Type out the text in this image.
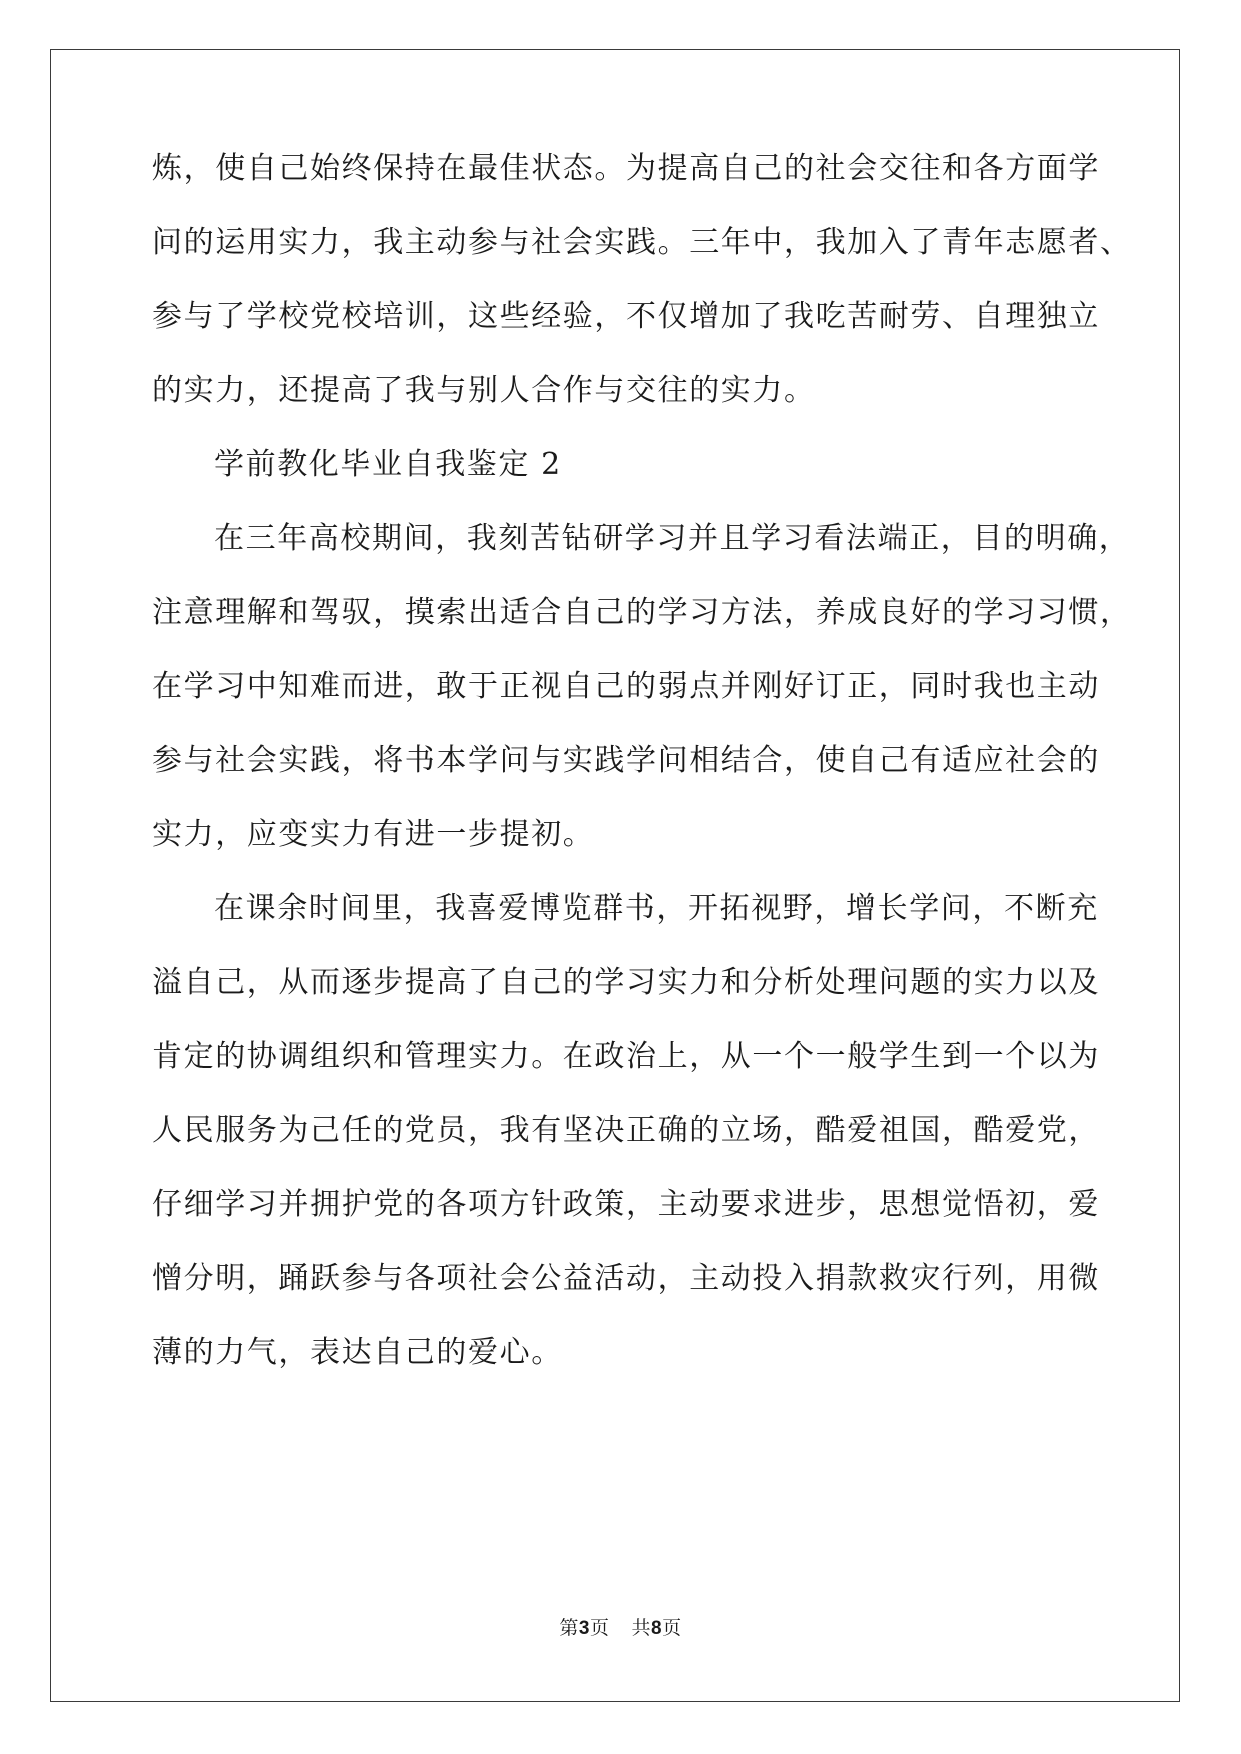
炼，使自己始终保持在最佳状态。为提高自己的社会交往和各方面学
问的运用实力，我主动参与社会实践。三年中，我加入了青年志愿者、
参与了学校党校培训，这些经验，不仅增加了我吃苦耐劳、自理独立
的实力，还提高了我与别人合作与交往的实力。
学前教化毕业自我鉴定 2
在三年高校期间，我刻苦钻研学习并且学习看法端正，目的明确，
注意理解和驾驭，摸索出适合自己的学习方法，养成良好的学习习惯，
在学习中知难而进，敢于正视自己的弱点并刚好订正，同时我也主动
参与社会实践，将书本学问与实践学问相结合，使自己有适应社会的
实力，应变实力有进一步提初。
在课余时间里，我喜爱博览群书，开拓视野，增长学问，不断充
溢自己，从而逐步提高了自己的学习实力和分析处理问题的实力以及
肯定的协调组织和管理实力。在政治上，从一个一般学生到一个以为
人民服务为己任的党员，我有坚决正确的立场，酷爱祖国，酷爱党，
仔细学习并拥护党的各项方针政策，主动要求进步，思想觉悟初，爱
憎分明，踊跃参与各项社会公益活动，主动投入捐款救灾行列，用微
薄的力气，表达自己的爱心。
第3页 共8页
